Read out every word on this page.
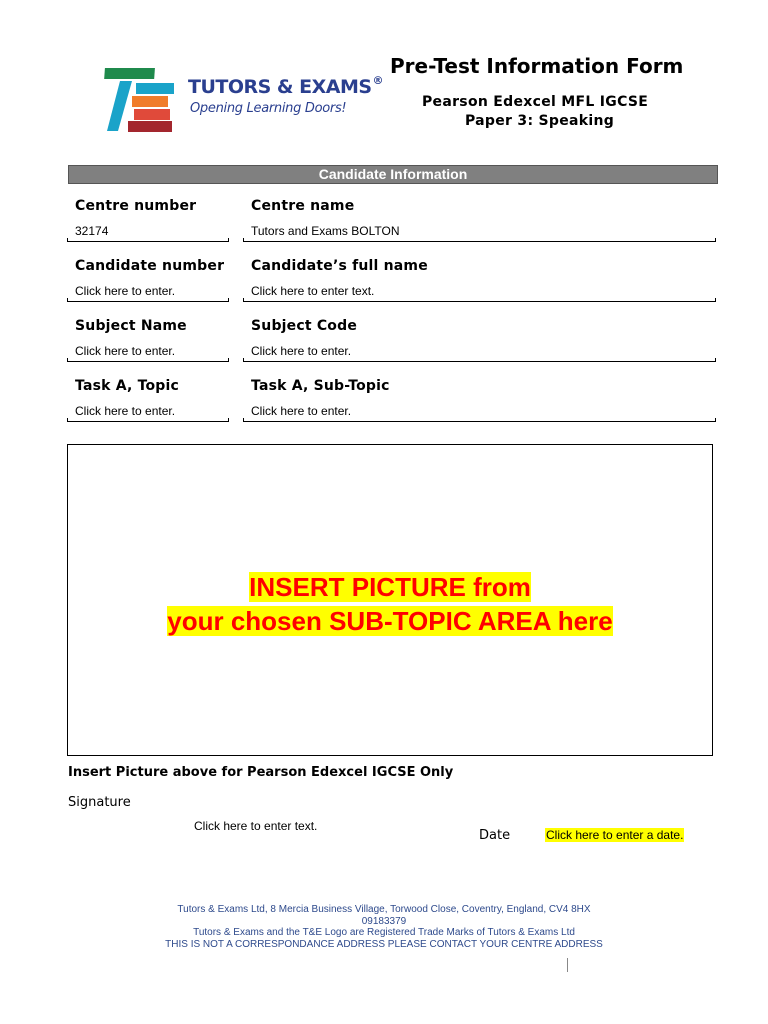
TUTORS & EXAMS®
Opening Learning Doors!
Pre-Test Information Form
Pearson Edexcel MFL IGCSE
Paper 3: Speaking
Candidate Information
Centre number
32174
Centre name
Tutors and Exams BOLTON
Candidate number
Click here to enter.
Candidate’s full name
Click here to enter text.
Subject Name
Click here to enter.
Subject Code
Click here to enter.
Task A, Topic
Click here to enter.
Task A, Sub-Topic
Click here to enter.
INSERT PICTURE from
your chosen SUB-TOPIC AREA here
Insert Picture above for Pearson Edexcel IGCSE Only
Signature
Click here to enter text.
Date	Click here to enter a date.
Tutors & Exams Ltd, 8 Mercia Business Village, Torwood Close, Coventry, England, CV4 8HX
09183379
Tutors & Exams and the T&E Logo are Registered Trade Marks of Tutors & Exams Ltd
THIS IS NOT A CORRESPONDANCE ADDRESS PLEASE CONTACT YOUR CENTRE ADDRESS
